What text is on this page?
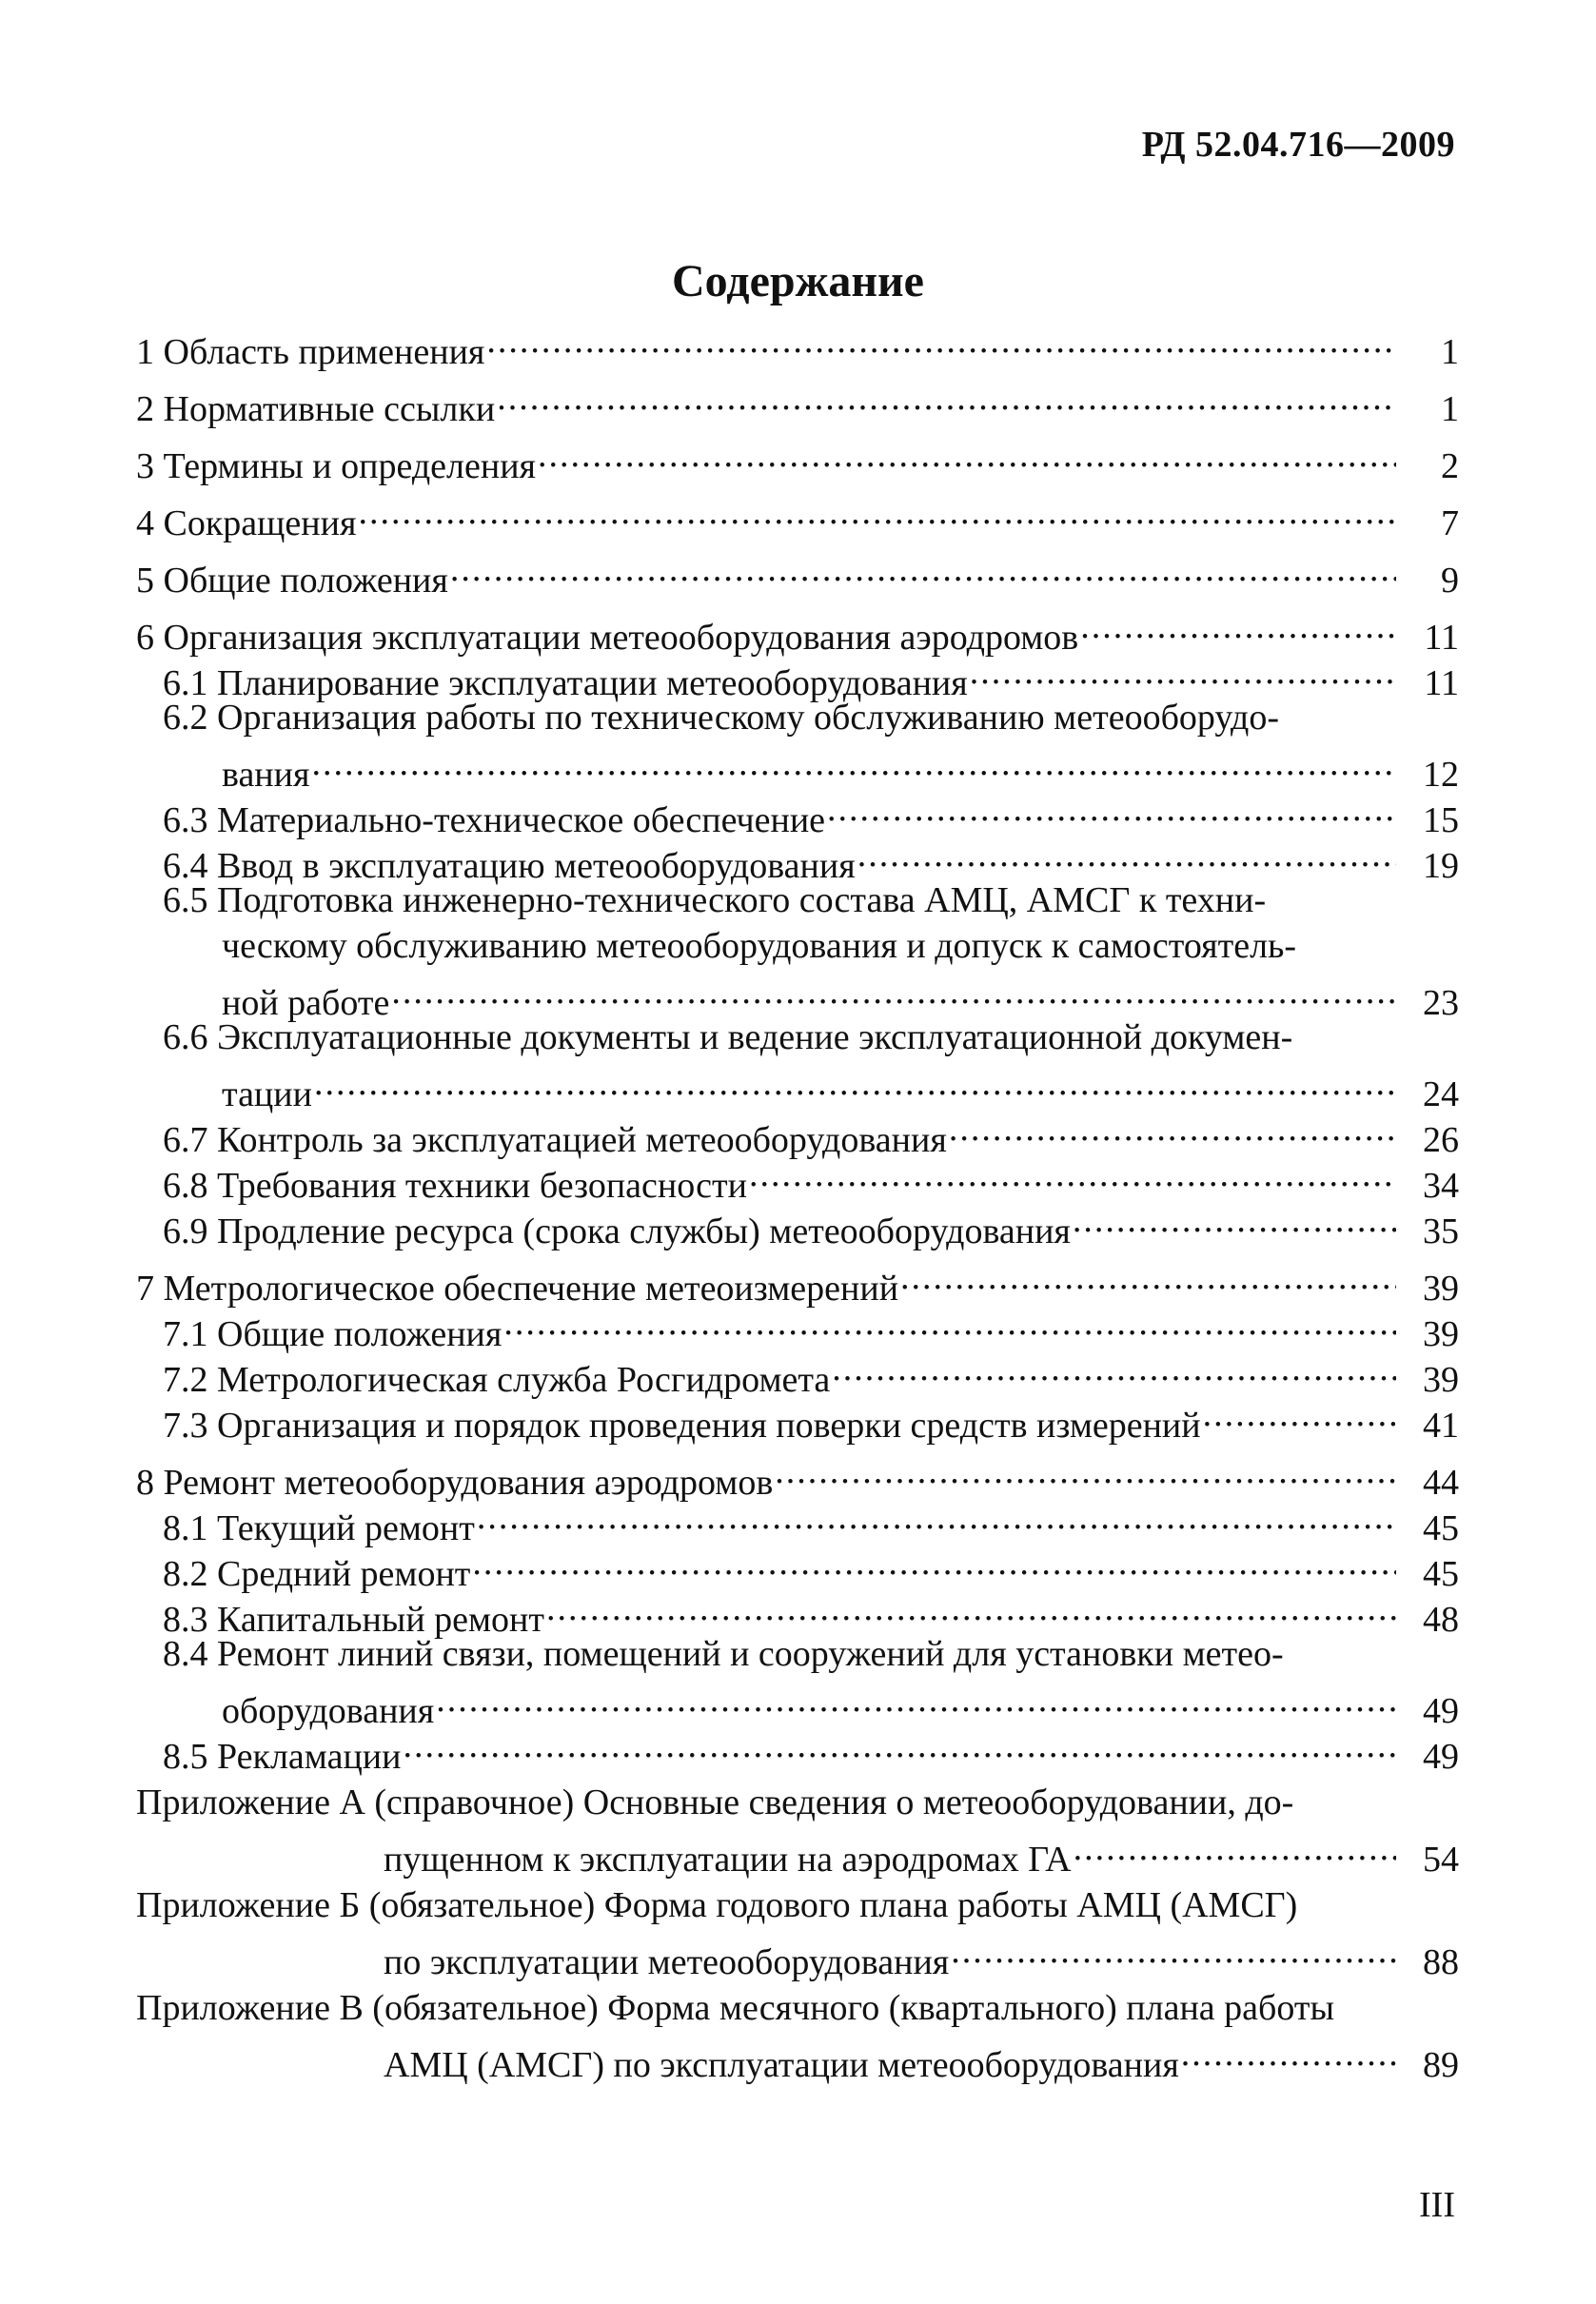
РД 52.04.716—2009
Содержание
1 Область применения .....	1
2 Нормативные ссылки .....	1
3 Термины и определения .....	2
4 Сокращения .....	7
5 Общие положения .....	9
6 Организация эксплуатации метеооборудования аэродромов .....	11
6.1 Планирование эксплуатации метеооборудования .....	11
6.2 Организация работы по техническому обслуживанию метеооборудо-
вания .....	12
6.3 Материально-техническое обеспечение .....	15
6.4 Ввод в эксплуатацию метеооборудования .....	19
6.5 Подготовка инженерно-технического состава АМЦ, АМСГ к техни-
ческому обслуживанию метеооборудования и допуск к самостоятель-
ной работе .....	23
6.6 Эксплуатационные документы и ведение эксплуатационной докумен-
тации .....	24
6.7 Контроль за эксплуатацией метеооборудования .....	26
6.8 Требования техники безопасности .....	34
6.9 Продление ресурса (срока службы) метеооборудования .....	35
7 Метрологическое обеспечение метеоизмерений .....	39
7.1 Общие положения .....	39
7.2 Метрологическая служба Росгидромета .....	39
7.3 Организация и порядок проведения поверки средств измерений .....	41
8 Ремонт метеооборудования аэродромов .....	44
8.1 Текущий ремонт .....	45
8.2 Средний ремонт .....	45
8.3 Капитальный ремонт .....	48
8.4 Ремонт линий связи, помещений и сооружений для установки метео-
оборудования .....	49
8.5 Рекламации .....	49
Приложение А (справочное) Основные сведения о метеооборудовании, до-
пущенном к эксплуатации на аэродромах ГА .....	54
Приложение Б (обязательное) Форма годового плана работы АМЦ (АМСГ)
по эксплуатации метеооборудования .....	88
Приложение В (обязательное) Форма месячного (квартального) плана работы
АМЦ (АМСГ) по эксплуатации метеооборудования .....	89
III
